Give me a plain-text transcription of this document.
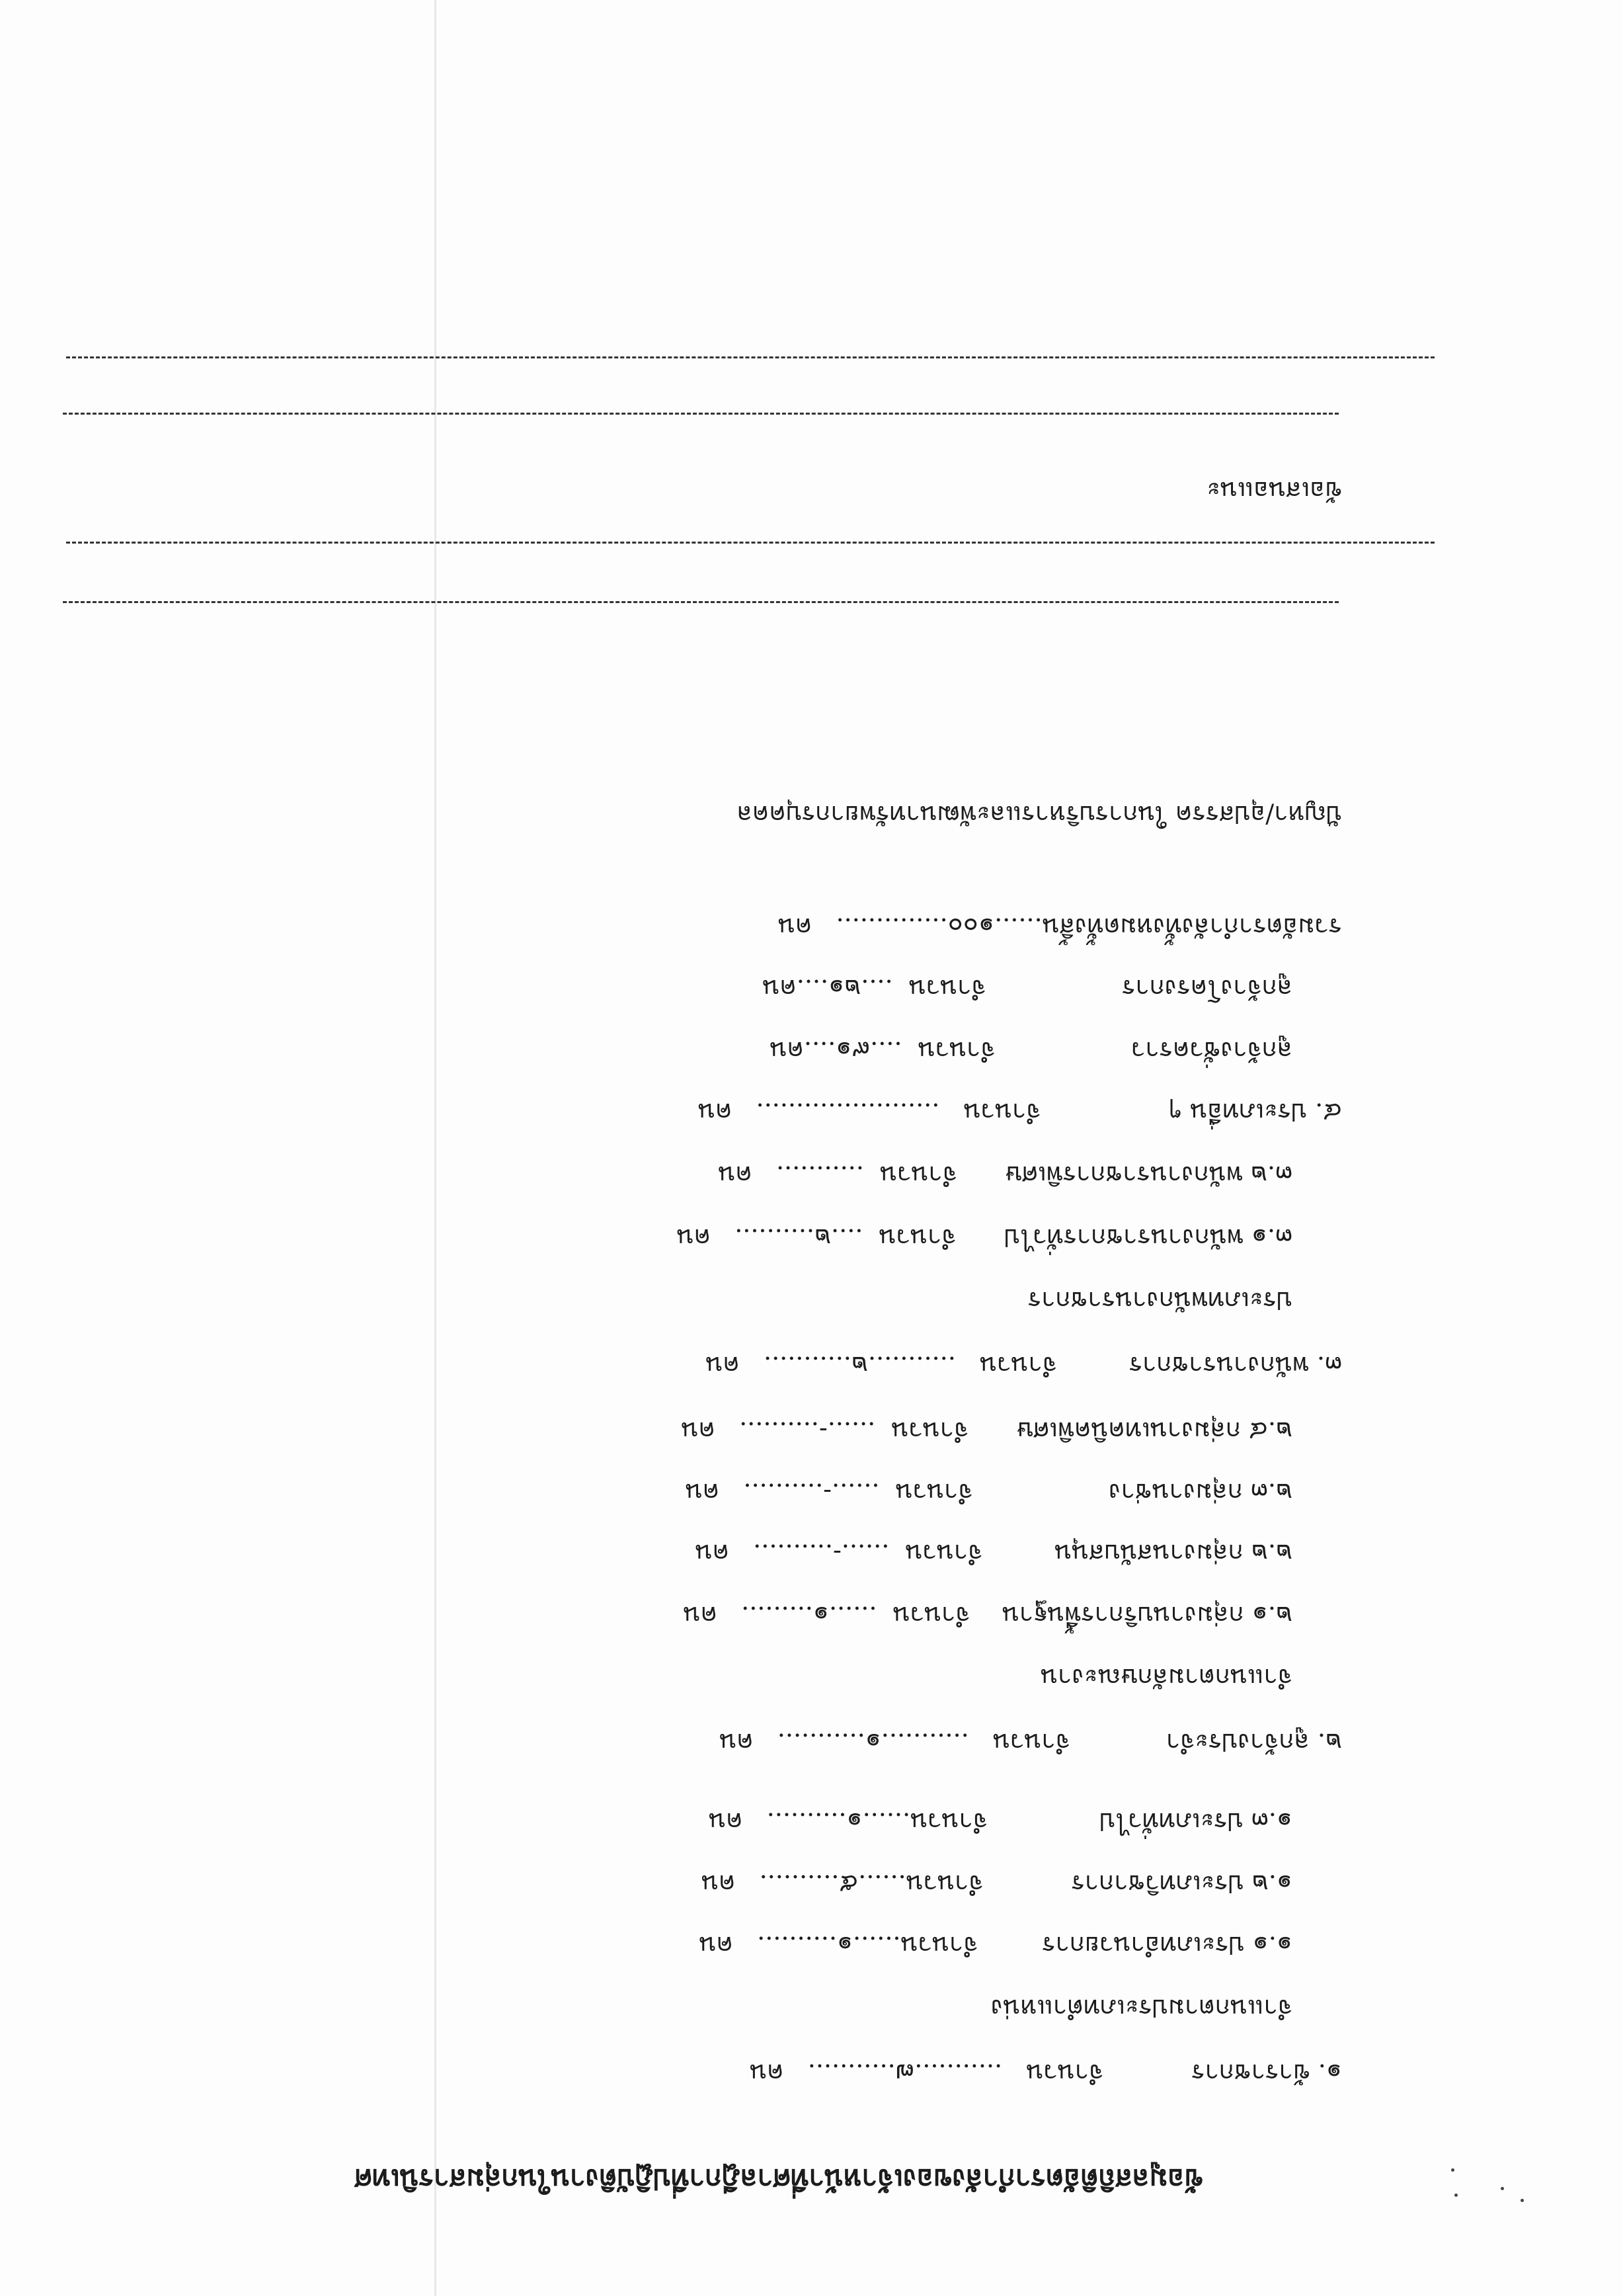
ข้อมูลสถิติอัตรากำลังของเจ้าหน้าที่ศาลฎีกาที่ปฏิบัติงานในกลุ่มสารนิเทศ
๑. ข้าราชการ           จำนวน   ...........๗...........   คน
จำแนกตามประเภทตำแหน่ง
๑.๑ ประเภทอำนวยการ        จำนวน......๑..........   คน
๑.๒ ประเภทวิชาการ           จำนวน......๕..........   คน
๑.๓ ประเภททั่วไป              จำนวน......๑..........   คน
๒. ลูกจ้างประจำ            จำนวน   ...........๑...........   คน
จำแนกตามลักษณะงาน
๒.๑ กลุ่มงานบริการพื้นฐาน    จำนวน  ......๑.........   คน
๒.๒ กลุ่มงานสนับสนุน         จำนวน  ......-..........   คน
๒.๓ กลุ่มงานช่าง                 จำนวน  ......-..........   คน
๒.๔ กลุ่มงานเทคนิคพิเศษ      จำนวน  ......-..........   คน
๓. พนักงานราชการ         จำนวน   ...........๒...........   คน
ประเภทพนักงานราชการ
๓.๑ พนักงานราชการทั่วไป      จำนวน  ....๒..........   คน
๓.๒ พนักงานราชการพิเศษ      จำนวน  ...........   คน
๔. ประเภทอื่น ๆ                จำนวน   .......................   คน
ลูกจ้างชั่วคราว                 จำนวน  ....๙๑....คน
ลูกจ้างโครงการ                 จำนวน  ....๒๑....คน
รวมอัตรากำลังทั้งหมดทั้งสิ้น......๑๐๐..............   คน
ปัญหา/อุปสรรค ในการบริหารและพัฒนาทรัพยากรบุคคล
ข้อเสนอแนะ
